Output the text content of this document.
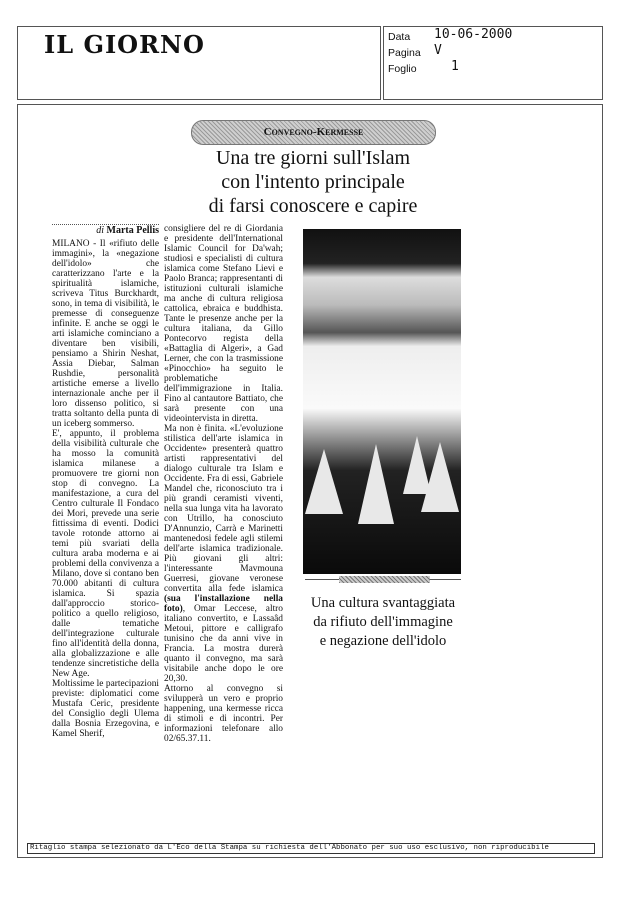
IL GIORNO	Data 10-06-2000
Pagina V
Foglio	1
Convegno-Kermesse
Una tre giorni sull'Islam
con l'intento principale
di farsi conoscere e capire
di Marta Pellis

MILANO - Il «rifiuto delle immagini», la «negazione dell'idolo» che caratterizzano l'arte e la spiritualità islamiche, scriveva Titus Burckhardt, sono, in tema di visibilità, le premesse di conseguenze infinite. E anche se oggi le arti islamiche cominciano a diventare ben visibili, pensiamo a Shirin Neshat, Assia Diebar, Salman Rushdie, personalità artistiche emerse a livello internazionale anche per il loro dissenso politico, si tratta soltanto della punta di un iceberg sommerso.

E', appunto, il problema della visibilità culturale che ha mosso la comunità islamica milanese a promuovere tre giorni non stop di convegno. La manifestazione, a cura del Centro culturale Il Fondaco dei Mori, prevede una serie fittissima di eventi. Dodici tavole rotonde attorno ai temi più svariati della cultura araba moderna e ai problemi della convivenza a Milano, dove si contano ben 70.000 abitanti di cultura islamica. Si spazia dall'approccio storico-politico a quello religioso, dalle tematiche dell'integrazione culturale fino all'identità della donna, alla globalizzazione e alle tendenze sincretistiche della New Age.

Moltissime le partecipazioni previste: diplomatici come Mustafa Ceric, presidente del Consiglio degli Ulema dalla Bosnia Erzegovina, e Kamel Sherif,

consigliere del re di Giordania e presidente dell'International Islamic Council for Da'wah; studiosi e specialisti di cultura islamica come Stefano Lievi e Paolo Branca; rappresentanti di istituzioni culturali islamiche ma anche di cultura religiosa cattolica, ebraica e buddhista. Tante le presenze anche per la cultura italiana, da Gillo Pontecorvo regista della «Battaglia di Algeri», a Gad Lerner, che con la trasmissione «Pinocchio» ha seguito le problematiche dell'immigrazione in Italia. Fino al cantautore Battiato, che sarà presente con una videointervista in diretta.

Ma non è finita. «L'evoluzione stilistica dell'arte islamica in Occidente» presenterà quattro artisti rappresentativi del dialogo culturale tra Islam e Occidente. Fra di essi, Gabriele Mandel che, riconosciuto tra i più grandi ceramisti viventi, nella sua lunga vita ha lavorato con Utrillo, ha conosciuto D'Annunzio, Carrà e Marinetti mantenedosi fedele agli stilemi dell'arte islamica tradizionale. Più giovani gli altri: l'interessante Mavmouna Guerresi, giovane veronese convertita alla fede islamica (sua l'installazione nella foto), Omar Leccese, altro italiano convertito, e Lassaâd Metoui, pittore e calligrafo tunisino che da anni vive in Francia. La mostra durerà quanto il convegno, ma sarà visitabile anche dopo le ore 20,30.

Attorno al convegno si svilupperà un vero e proprio happening, una kermesse ricca di stimoli e di incontri. Per informazioni telefonare allo 02/65.37.11.

Una cultura svantaggiata
da rifiuto dell'immagine
e negazione dell'idolo
Ritaglio stampa selezionato da L'Eco della Stampa su richiesta dell'Abbonato per suo uso esclusivo, non riproducibile
